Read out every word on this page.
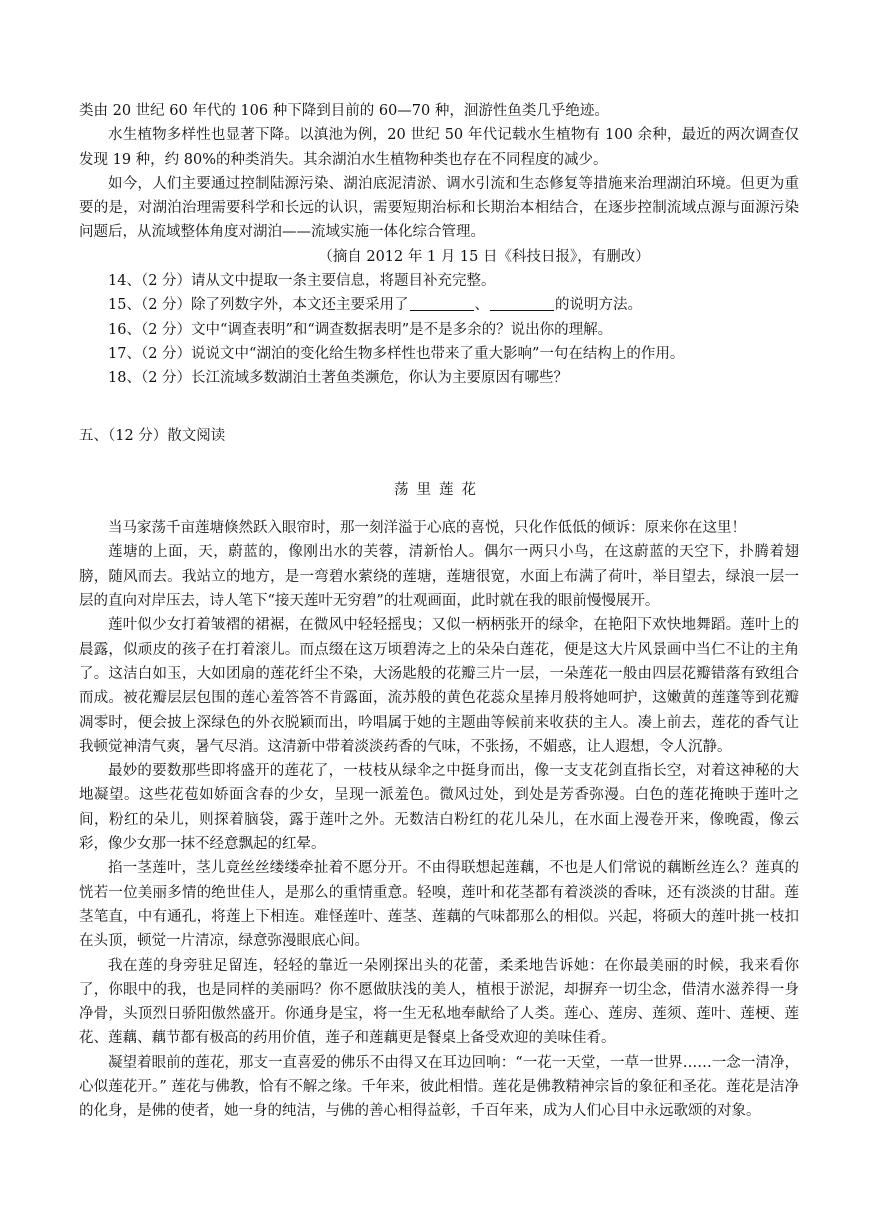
类由 20 世纪 60 年代的 106 种下降到目前的 60—70 种，洄游性鱼类几乎绝迹。

水生植物多样性也显著下降。以滇池为例，20 世纪 50 年代记载水生植物有 100 余种，最近的两次调查仅发现 19 种，约 80%的种类消失。其余湖泊水生植物种类也存在不同程度的减少。

如今，人们主要通过控制陆源污染、湖泊底泥清淤、调水引流和生态修复等措施来治理湖泊环境。但更为重要的是，对湖泊治理需要科学和长远的认识，需要短期治标和长期治本相结合，在逐步控制流域点源与面源污染问题后，从流域整体角度对湖泊——流域实施一体化综合管理。

（摘自 2012 年 1 月 15 日《科技日报》，有删改）

14、（2 分）请从文中提取一条主要信息，将题目补充完整。

15、（2 分）除了列数字外，本文还主要采用了	、	的说明方法。

16、（2 分）文中“调查表明”和“调查数据表明”是不是多余的？说出你的理解。

17、（2 分）说说文中“湖泊的变化给生物多样性也带来了重大影响”一句在结构上的作用。

18、（2 分）长江流域多数湖泊土著鱼类濒危，你认为主要原因有哪些？

五、（12 分）散文阅读

荡里莲花

当马家荡千亩莲塘倏然跃入眼帘时，那一刻洋溢于心底的喜悦，只化作低低的倾诉：原来你在这里！

莲塘的上面，天，蔚蓝的，像刚出水的芙蓉，清新怡人。偶尔一两只小鸟，在这蔚蓝的天空下，扑腾着翅膀，随风而去。我站立的地方，是一弯碧水萦绕的莲塘，莲塘很宽，水面上布满了荷叶，举目望去，绿浪一层一层的直向对岸压去，诗人笔下“接天莲叶无穷碧”的壮观画面，此时就在我的眼前慢慢展开。

莲叶似少女打着皱褶的裙裾，在微风中轻轻摇曳；又似一柄柄张开的绿伞，在艳阳下欢快地舞蹈。莲叶上的晨露，似顽皮的孩子在打着滚儿。而点缀在这万顷碧涛之上的朵朵白莲花，便是这大片风景画中当仁不让的主角了。这洁白如玉，大如团扇的莲花纤尘不染，大汤匙般的花瓣三片一层，一朵莲花一般由四层花瓣错落有致组合而成。被花瓣层层包围的莲心羞答答不肯露面，流苏般的黄色花蕊众星捧月般将她呵护，这嫩黄的莲蓬等到花瓣凋零时，便会披上深绿色的外衣脱颖而出，吟唱属于她的主题曲等候前来收获的主人。凑上前去，莲花的香气让我顿觉神清气爽，暑气尽消。这清新中带着淡淡药香的气味，不张扬，不媚惑，让人遐想，令人沉静。

最妙的要数那些即将盛开的莲花了，一枝枝从绿伞之中挺身而出，像一支支花剑直指长空，对着这神秘的大地凝望。这些花苞如娇面含春的少女，呈现一派羞色。微风过处，到处是芳香弥漫。白色的莲花掩映于莲叶之间，粉红的朵儿，则探着脑袋，露于莲叶之外。无数洁白粉红的花儿朵儿，在水面上漫卷开来，像晚霞，像云彩，像少女那一抹不经意飘起的红晕。

掐一茎莲叶，茎儿竟丝丝缕缕牵扯着不愿分开。不由得联想起莲藕，不也是人们常说的藕断丝连么？莲真的恍若一位美丽多情的绝世佳人，是那么的重情重意。轻嗅，莲叶和花茎都有着淡淡的香味，还有淡淡的甘甜。莲茎笔直，中有通孔，将莲上下相连。难怪莲叶、莲茎、莲藕的气味都那么的相似。兴起，将硕大的莲叶挑一枝扣在头顶，顿觉一片清凉，绿意弥漫眼底心间。

我在莲的身旁驻足留连，轻轻的靠近一朵刚探出头的花蕾，柔柔地告诉她：在你最美丽的时候，我来看你了，你眼中的我，也是同样的美丽吗？你不愿做肤浅的美人，植根于淤泥，却摒弃一切尘念，借清水滋养得一身净骨，头顶烈日骄阳傲然盛开。你通身是宝，将一生无私地奉献给了人类。莲心、莲房、莲须、莲叶、莲梗、莲花、莲藕、藕节都有极高的药用价值，莲子和莲藕更是餐桌上备受欢迎的美味佳肴。

凝望着眼前的莲花，那支一直喜爱的佛乐不由得又在耳边回响：“一花一天堂，一草一世界……一念一清净，心似莲花开。” 莲花与佛教，恰有不解之缘。千年来，彼此相惜。莲花是佛教精神宗旨的象征和圣花。莲花是洁净的化身，是佛的使者，她一身的纯洁，与佛的善心相得益彰，千百年来，成为人们心目中永远歌颂的对象。
